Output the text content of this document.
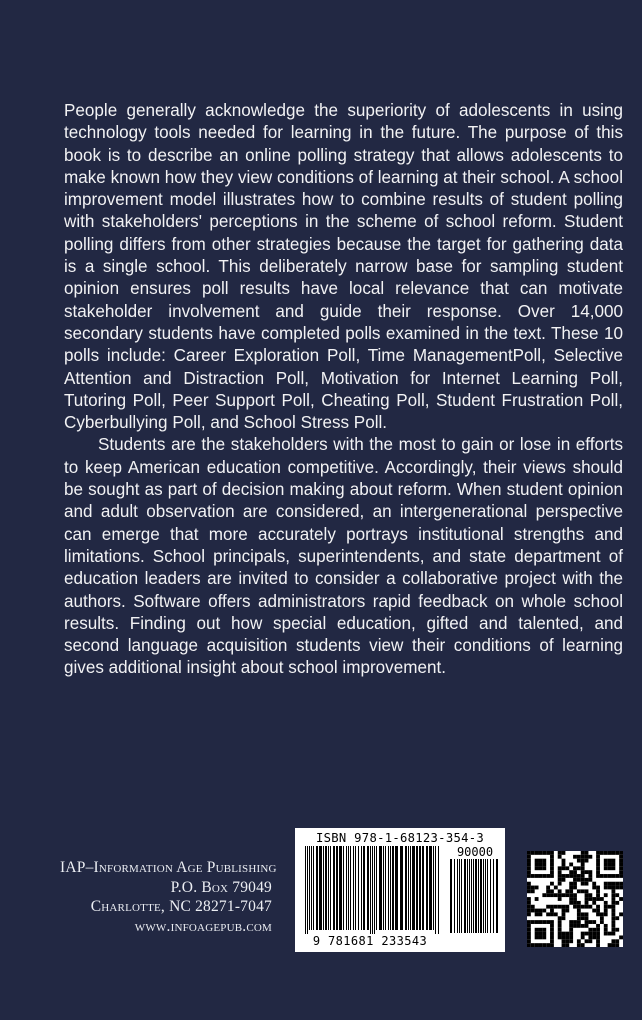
People generally acknowledge the superiority of adolescents in using technology tools needed for learning in the future. The purpose of this book is to describe an online polling strategy that allows adolescents to make known how they view conditions of learning at their school. A school improvement model illustrates how to combine results of student polling with stakeholders' perceptions in the scheme of school reform. Student polling differs from other strategies because the target for gathering data is a single school. This deliberately narrow base for sampling student opinion ensures poll results have local relevance that can motivate stakeholder involvement and guide their response. Over 14,000 secondary students have completed polls examined in the text. These 10 polls include: Career Exploration Poll, Time ManagementPoll, Selective Attention and Distraction Poll, Motivation for Internet Learning Poll, Tutoring Poll, Peer Support Poll, Cheating Poll, Student Frustration Poll, Cyberbullying Poll, and School Stress Poll.

Students are the stakeholders with the most to gain or lose in efforts to keep American education competitive. Accordingly, their views should be sought as part of decision making about reform. When student opinion and adult observation are considered, an intergenerational perspective can emerge that more accurately portrays institutional strengths and limitations. School principals, superintendents, and state department of education leaders are invited to consider a collaborative project with the authors. Software offers administrators rapid feedback on whole school results. Finding out how special education, gifted and talented, and second language acquisition students view their conditions of learning gives additional insight about school improvement.

IAP–Information Age Publishing
P.O. Box 79049
Charlotte, NC 28271-7047
www.infoagepub.com
ISBN 978-1-68123-354-3
9 781681 233543
90000
